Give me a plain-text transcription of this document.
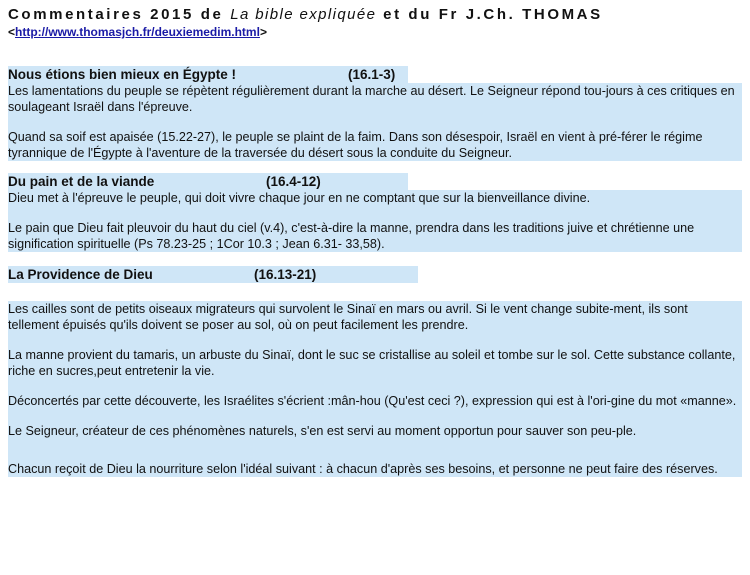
Commentaires 2015 de La bible expliquée et du Fr J.Ch. THOMAS
<http://www.thomasjch.fr/deuxiemedim.html>
Nous étions bien mieux en Égypte !	(16.1-3)

Les lamentations du peuple se répètent régulièrement durant la marche au désert. Le Seigneur répond tou-jours à ces critiques en soulageant Israël dans l'épreuve.

Quand sa soif est apaisée (15.22-27), le peuple se plaint de la faim. Dans son désespoir, Israël en vient à pré-férer le régime tyrannique de l'Égypte à l'aventure de la traversée du désert sous la conduite du Seigneur.

Du pain et de la viande	(16.4-12)

Dieu met à l'épreuve le peuple, qui doit vivre chaque jour en ne comptant que sur la bienveillance divine.

Le pain que Dieu fait pleuvoir du haut du ciel (v.4), c'est-à-dire la manne, prendra dans les traditions juive et chrétienne une signification spirituelle (Ps 78.23-25 ; 1Cor 10.3 ; Jean 6.31- 33,58).

La Providence de Dieu	(16.13-21)

Les cailles sont de petits oiseaux migrateurs qui survolent le Sinaï en mars ou avril. Si le vent change subite-ment, ils sont tellement épuisés qu'ils doivent se poser au sol, où on peut facilement les prendre.

La manne provient du tamaris, un arbuste du Sinaï, dont le suc se cristallise au soleil et tombe sur le sol. Cette substance collante, riche en sucres,peut entretenir la vie.

Déconcertés par cette découverte, les Israélites s'écrient :mân-hou (Qu'est ceci ?), expression qui est à l'ori-gine du mot «manne».

Le Seigneur, créateur de ces phénomènes naturels, s'en est servi au moment opportun pour sauver son peu-ple.

Chacun reçoit de Dieu la nourriture selon l'idéal suivant : à chacun d'après ses besoins, et personne ne peut faire des réserves.
